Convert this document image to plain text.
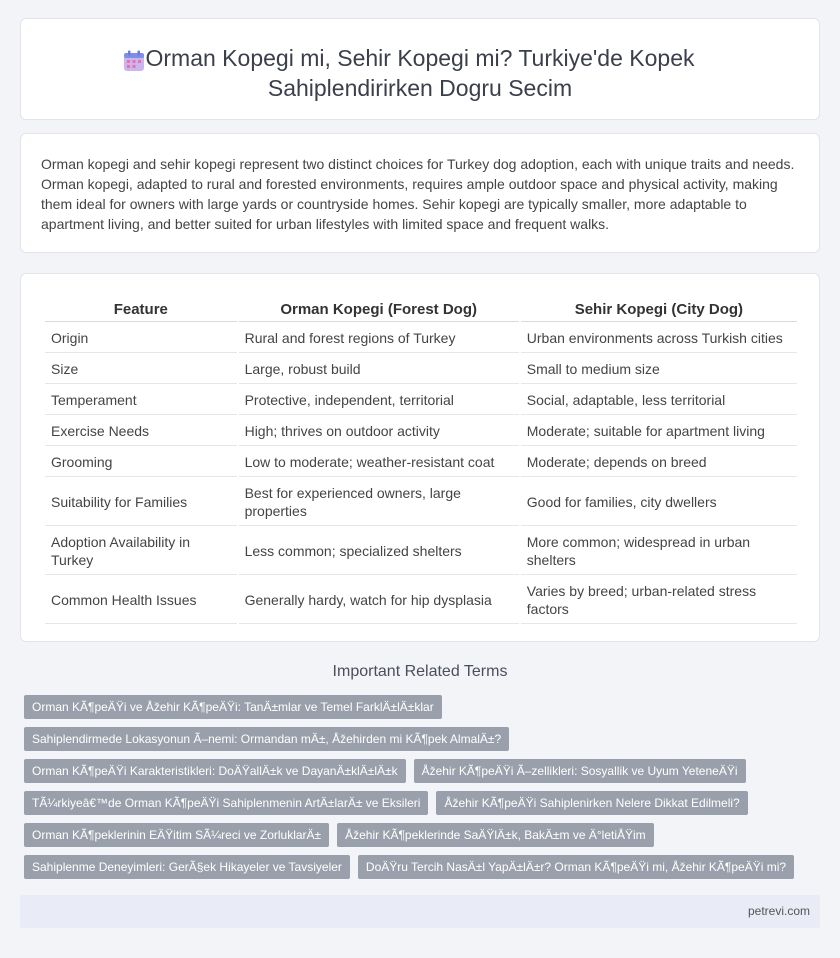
Orman Kopegi mi, Sehir Kopegi mi? Turkiye'de Kopek
Sahiplendirirken Dogru Secim

Orman kopegi and sehir kopegi represent two distinct choices for Turkey dog adoption, each with unique traits and needs. Orman kopegi, adapted to rural and forested environments, requires ample outdoor space and physical activity, making them ideal for owners with large yards or countryside homes. Sehir kopegi are typically smaller, more adaptable to apartment living, and better suited for urban lifestyles with limited space and frequent walks.

Feature	Orman Kopegi (Forest Dog)	Sehir Kopegi (City Dog)
Origin	Rural and forest regions of Turkey	Urban environments across Turkish cities
Size	Large, robust build	Small to medium size
Temperament	Protective, independent, territorial	Social, adaptable, less territorial
Exercise Needs	High; thrives on outdoor activity	Moderate; suitable for apartment living
Grooming	Low to moderate; weather-resistant coat	Moderate; depends on breed
Suitability for Families	Best for experienced owners, large properties	Good for families, city dwellers
Adoption Availability in Turkey	Less common; specialized shelters	More common; widespread in urban shelters
Common Health Issues	Generally hardy, watch for hip dysplasia	Varies by breed; urban-related stress factors
Important Related Terms
Orman KÃ¶peÄŸi ve Åžehir KÃ¶peÄŸi: TanÄ±mlar ve Temel FarklÄ±lÄ±klar
Sahiplendirmede Lokasyonun Ã–nemi: Ormandan mÄ±, Åžehirden mi KÃ¶pek AlmalÄ±?
Orman KÃ¶peÄŸi Karakteristikleri: DoÄŸallÄ±k ve DayanÄ±klÄ±lÄ±k	Åžehir KÃ¶peÄŸi Ã–zellikleri: Sosyallik ve Uyum YeteneÄŸi
TÃ¼rkiyeâ€™de Orman KÃ¶peÄŸi Sahiplenmenin ArtÄ±larÄ± ve Eksileri	Åžehir KÃ¶peÄŸi Sahiplenirken Nelere Dikkat Edilmeli?
Orman KÃ¶peklerinin EÄŸitim SÃ¼reci ve ZorluklarÄ±	Åžehir KÃ¶peklerinde SaÄŸlÄ±k, BakÄ±m ve Ä°letiÅŸim
Sahiplenme Deneyimleri: GerÃ§ek Hikayeler ve Tavsiyeler	DoÄŸru Tercih NasÄ±l YapÄ±lÄ±r? Orman KÃ¶peÄŸi mi, Åžehir KÃ¶peÄŸi mi?
petrevi.com
